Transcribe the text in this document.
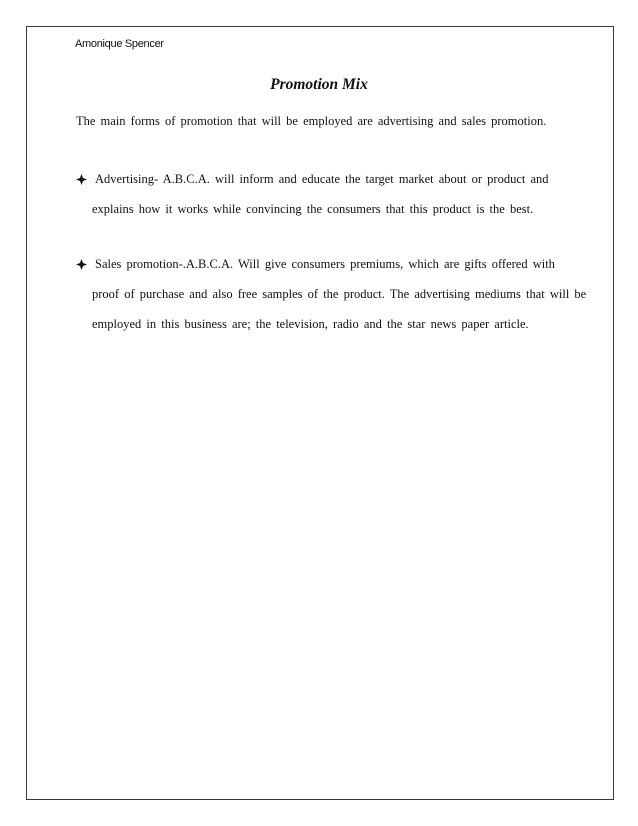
Amonique Spencer
Promotion Mix
The main forms of promotion that will be employed are advertising and sales promotion.
Advertising- A.B.C.A. will inform and educate the target market about or product and
explains how it works while convincing the consumers that this product is the best.
Sales promotion-.A.B.C.A. Will give consumers premiums, which are gifts offered with
proof of purchase and also free samples of the product. The advertising mediums that will be
employed in this business are; the television, radio and the star news paper article.
